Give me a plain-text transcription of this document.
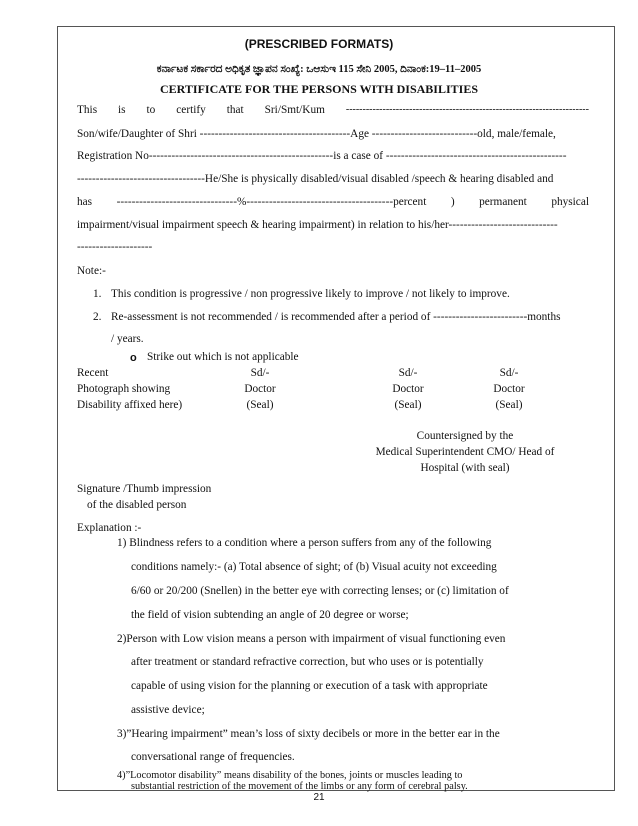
(PRESCRIBED FORMATS)
ಕರ್ನಾಟಕ ಸರ್ಕಾರದ ಅಧಿಕೃತ ಜ್ಞಾಪನ ಸಂಖ್ಯೆ: ಒಆಸುಇ 115 ಸೇನಿ 2005, ದಿನಾಂಕ:19–11–2005
CERTIFICATE FOR THE PERSONS WITH DISABILITIES
This is to certify that Sri/Smt/Kum -------------------------------------------------------------------------
Son/wife/Daughter of Shri ----------------------------------------Age ----------------------------old, male/female,
Registration No-------------------------------------------------is a case of ------------------------------------------------
----------------------------------He/She is physically disabled/visual disabled /speech & hearing disabled and
has --------------------------------%---------------------------------------percent ) permanent physical
impairment/visual impairment speech & hearing impairment) in relation to his/her-----------------------------
--------------------
Note:-
1. This condition is progressive / non progressive likely to improve / not likely to improve.
2. Re-assessment is not recommended / is recommended after a period of -------------------------months
/ years.
o Strike out which is not applicable
Recent
Photograph showing
Disability affixed here)
Sd/-
Doctor
(Seal)
Sd/-
Doctor
(Seal)
Sd/-
Doctor
(Seal)
Countersigned by the
Medical Superintendent CMO/ Head of
Hospital (with seal)
Signature /Thumb impression
of the disabled person
Explanation :-
1) Blindness refers to a condition where a person suffers from any of the following
conditions namely:- (a) Total absence of sight; of (b) Visual acuity not exceeding
6/60 or 20/200 (Snellen) in the better eye with correcting lenses; or (c) limitation of
the field of vision subtending an angle of 20 degree or worse;
2)Person with Low vision means a person with impairment of visual functioning even
after treatment or standard refractive correction, but who uses or is potentially
capable of using vision for the planning or execution of a task with appropriate
assistive device;
3)”Hearing impairment” mean’s loss of sixty decibels or more in the better ear in the
conversational range of frequencies.
21
4)”Locomotor disability” means disability of the bones, joints or muscles leading to
substantial restriction of the movement of the limbs or any form of cerebral palsy.
